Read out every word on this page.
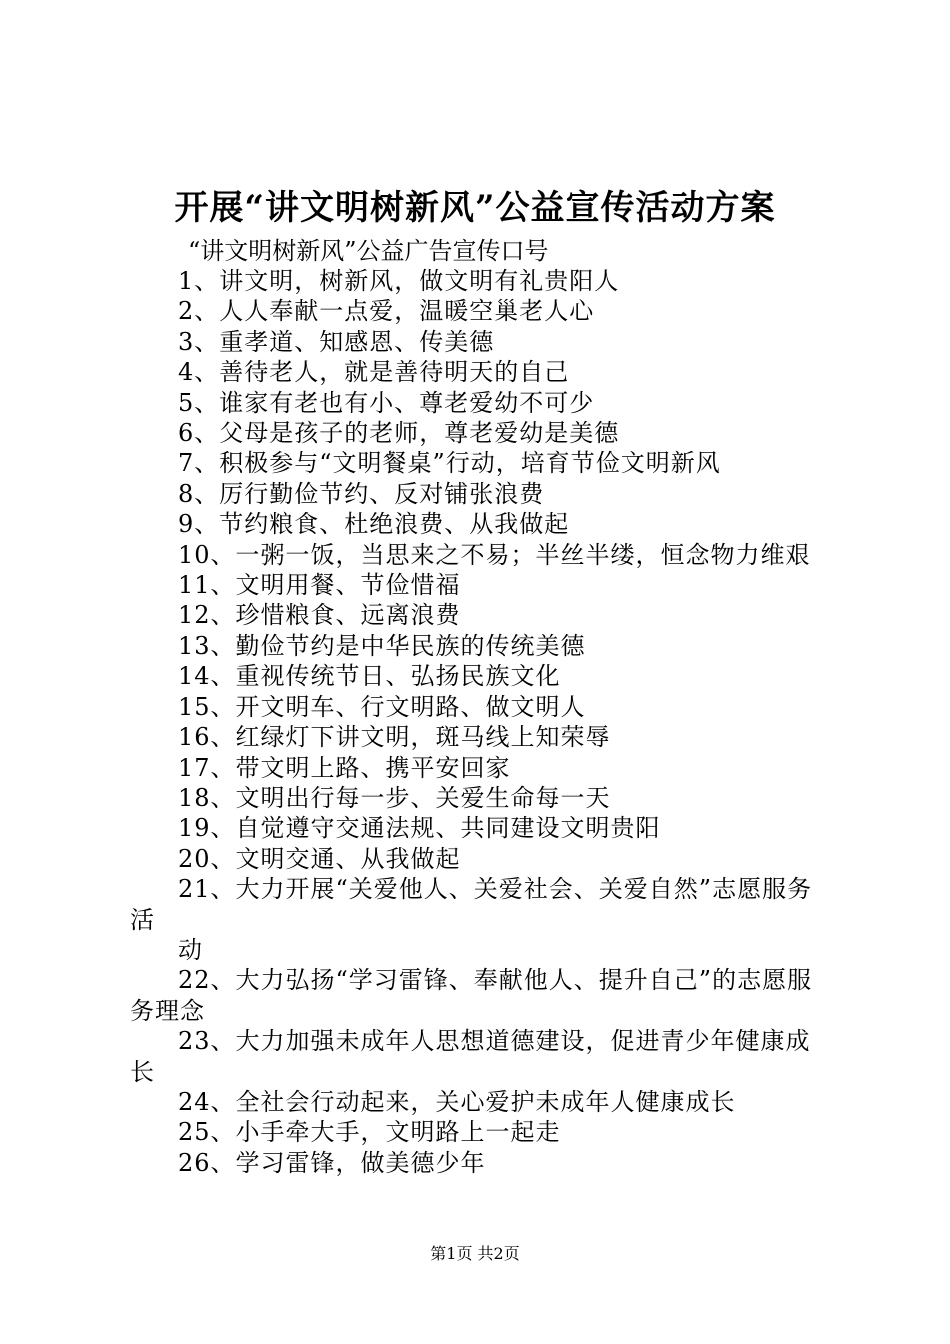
开展“讲文明树新风”公益宣传活动方案
“讲文明树新风”公益广告宣传口号
1、讲文明，树新风，做文明有礼贵阳人
2、人人奉献一点爱，温暖空巢老人心
3、重孝道、知感恩、传美德
4、善待老人，就是善待明天的自己
5、谁家有老也有小、尊老爱幼不可少
6、父母是孩子的老师，尊老爱幼是美德
7、积极参与“文明餐桌”行动，培育节俭文明新风
8、厉行勤俭节约、反对铺张浪费
9、节约粮食、杜绝浪费、从我做起
10、一粥一饭，当思来之不易；半丝半缕，恒念物力维艰
11、文明用餐、节俭惜福
12、珍惜粮食、远离浪费
13、勤俭节约是中华民族的传统美德
14、重视传统节日、弘扬民族文化
15、开文明车、行文明路、做文明人
16、红绿灯下讲文明，斑马线上知荣辱
17、带文明上路、携平安回家
18、文明出行每一步、关爱生命每一天
19、自觉遵守交通法规、共同建设文明贵阳
20、文明交通、从我做起
21、大力开展“关爱他人、关爱社会、关爱自然”志愿服务活
动
22、大力弘扬“学习雷锋、奉献他人、提升自己”的志愿服务理念
23、大力加强未成年人思想道德建设，促进青少年健康成长
24、全社会行动起来，关心爱护未成年人健康成长
25、小手牵大手，文明路上一起走
26、学习雷锋，做美德少年
第1页 共2页
